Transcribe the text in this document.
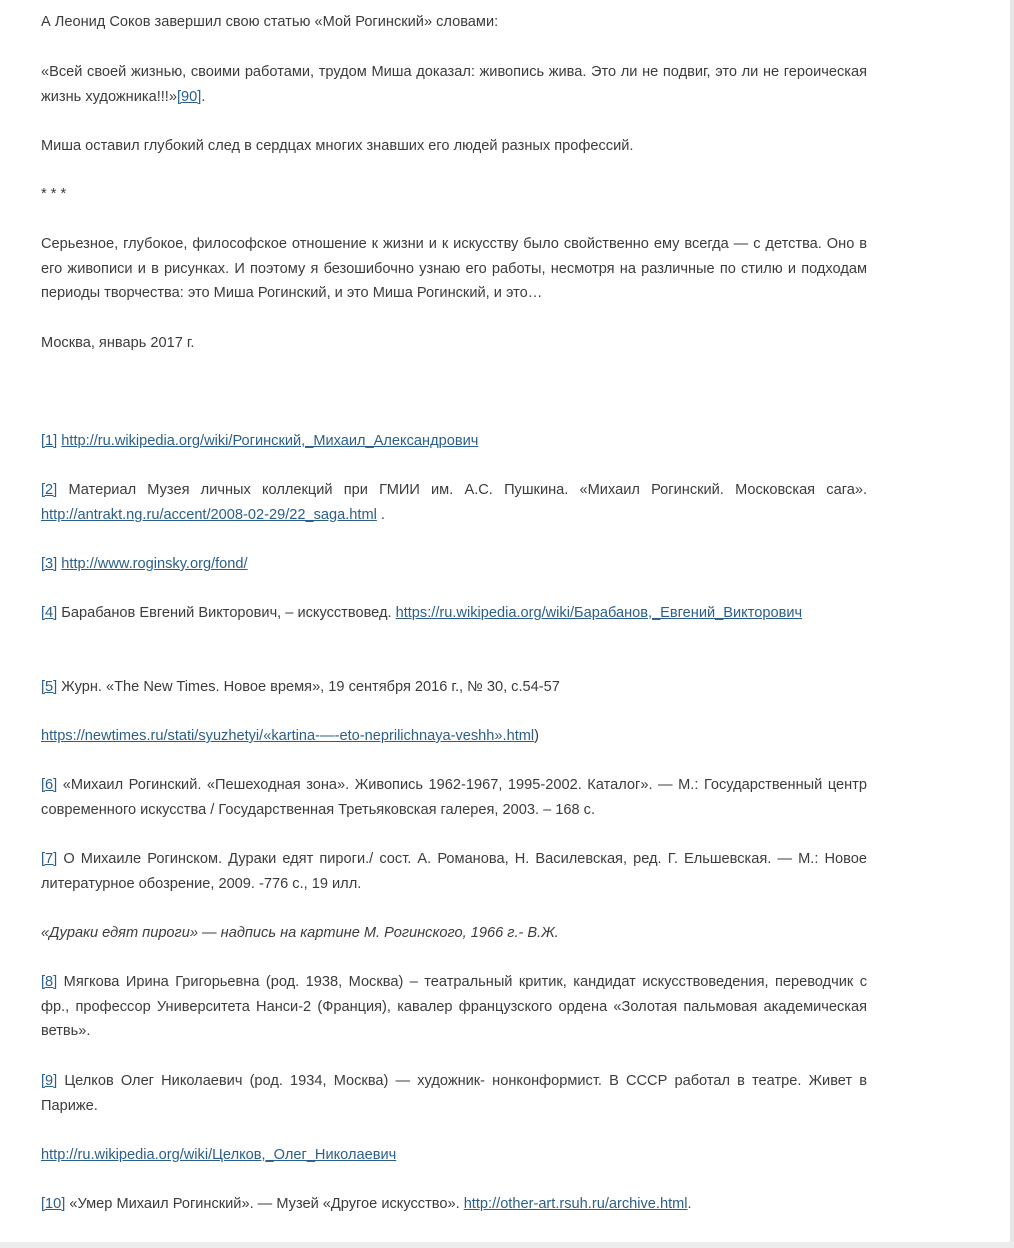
А Леонид Соков завершил свою статью «Мой Рогинский» словами:

«Всей своей жизнью, своими работами, трудом Миша доказал: живопись жива. Это ли не подвиг, это ли не героическая жизнь художника!!!»[90].

Миша оставил глубокий след в сердцах многих знавших его людей разных профессий.

* * *

Серьезное, глубокое, философское отношение к жизни и к искусству было свойственно ему всегда — с детства. Оно в его живописи и в рисунках. И поэтому я безошибочно узнаю его работы, несмотря на различные по стилю и подходам периоды творчества: это Миша Рогинский, и это Миша Рогинский, и это…

Москва, январь 2017 г.

[1] http://ru.wikipedia.org/wiki/Рогинский,_Михаил_Александрович

[2] Материал Музея личных коллекций при ГМИИ им. А.С. Пушкина. «Михаил Рогинский. Московская сага». http://antrakt.ng.ru/accent/2008-02-29/22_saga.html .

[3] http://www.roginsky.org/fond/

[4] Барабанов Евгений Викторович, – искусствовед. https://ru.wikipedia.org/wiki/Барабанов,_Евгений_Викторович

[5] Журн. «The New Times. Новое время», 19 сентября 2016 г., № 30, с.54-57

https://newtimes.ru/stati/syuzhetyi/«kartina-—-eto-neprilichnaya-veshh».html)

[6] «Михаил Рогинский. «Пешеходная зона». Живопись 1962-1967, 1995-2002. Каталог». — М.: Государственный центр современного искусства / Государственная Третьяковская галерея, 2003. – 168 с.

[7] О Михаиле Рогинском. Дураки едят пироги./ сост. А. Романова, Н. Василевская, ред. Г. Ельшевская. — М.: Новое литературное обозрение, 2009. -776 с., 19 илл.

«Дураки едят пироги» — надпись на картине М. Рогинского, 1966 г.- В.Ж.

[8] Мягкова Ирина Григорьевна (род. 1938, Москва) – театральный критик, кандидат искусствоведения, переводчик с фр., профессор Университета Нанси-2 (Франция), кавалер французского ордена «Золотая пальмовая академическая ветвь».

[9] Целков Олег Николаевич (род. 1934, Москва) — художник- нонконформист. В СССР работал в театре. Живет в Париже.

http://ru.wikipedia.org/wiki/Целков,_Олег_Николаевич

[10] «Умер Михаил Рогинский». — Музей «Другое искусство». http://other-art.rsuh.ru/archive.html.
